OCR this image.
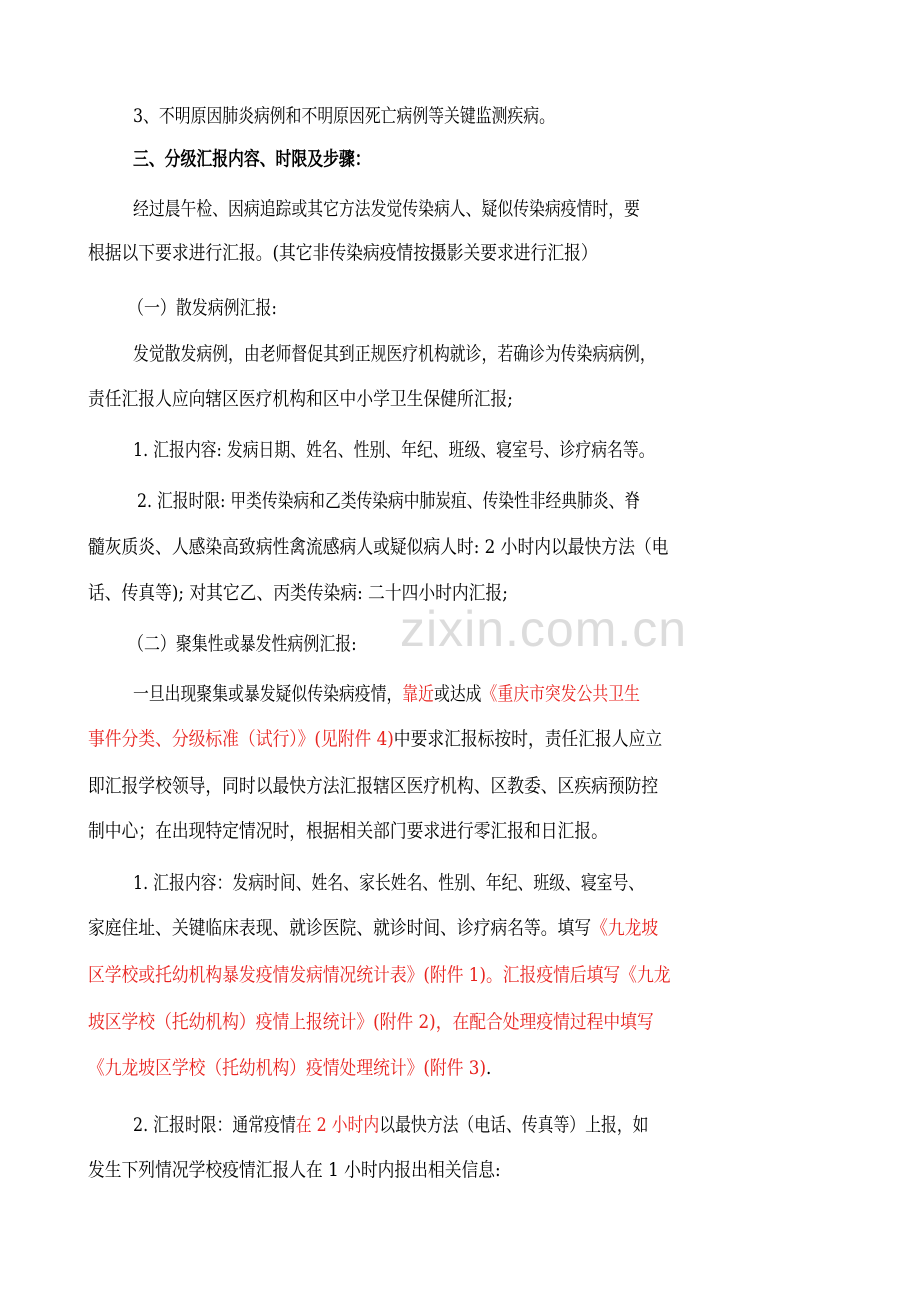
zixin.com.cn
3、不明原因肺炎病例和不明原因死亡病例等关键监测疾病。
三、分级汇报内容、时限及步骤：
经过晨午检、因病追踪或其它方法发觉传染病人、疑似传染病疫情时，要
根据以下要求进行汇报。(其它非传染病疫情按摄影关要求进行汇报）
（一）散发病例汇报:
发觉散发病例，由老师督促其到正规医疗机构就诊，若确诊为传染病病例，
责任汇报人应向辖区医疗机构和区中小学卫生保健所汇报;
1. 汇报内容: 发病日期、姓名、性别、年纪、班级、寝室号、诊疗病名等。
2. 汇报时限: 甲类传染病和乙类传染病中肺炭疽、传染性非经典肺炎、脊
髓灰质炎、人感染高致病性禽流感病人或疑似病人时: 2 小时内以最快方法（电
话、传真等); 对其它乙、丙类传染病: 二十四小时内汇报;
（二）聚集性或暴发性病例汇报:
一旦出现聚集或暴发疑似传染病疫情，靠近或达成《重庆市突发公共卫生
事件分类、分级标准（试行）》(见附件 4)中要求汇报标按时，责任汇报人应立
即汇报学校领导，同时以最快方法汇报辖区医疗机构、区教委、区疾病预防控
制中心；在出现特定情况时，根据相关部门要求进行零汇报和日汇报。
1. 汇报内容：发病时间、姓名、家长姓名、性别、年纪、班级、寝室号、
家庭住址、关键临床表现、就诊医院、就诊时间、诊疗病名等。填写《九龙坡
区学校或托幼机构暴发疫情发病情况统计表》(附件 1)。汇报疫情后填写《九龙
坡区学校（托幼机构）疫情上报统计》(附件 2)，在配合处理疫情过程中填写
《九龙坡区学校（托幼机构）疫情处理统计》(附件 3).
2. 汇报时限：通常疫情在 2 小时内以最快方法（电话、传真等）上报，如
发生下列情况学校疫情汇报人在 1 小时内报出相关信息:
